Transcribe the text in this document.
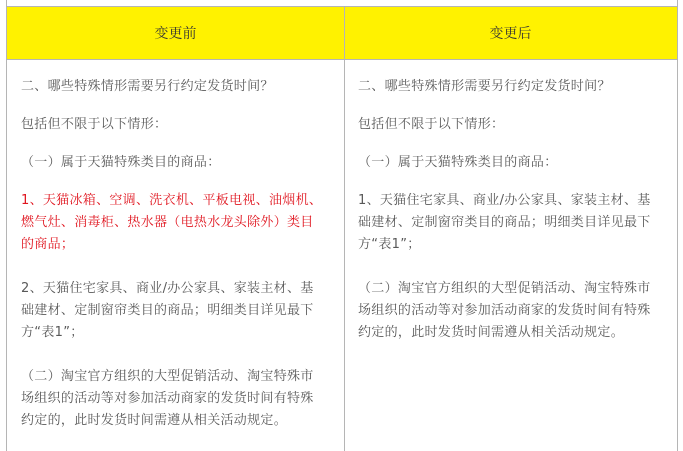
变更前	变更后

二、哪些特殊情形需要另行约定发货时间？

包括但不限于以下情形：

（一）属于天猫特殊类目的商品：

1、天猫冰箱、空调、洗衣机、平板电视、油烟机、
燃气灶、消毒柜、热水器（电热水龙头除外）类目
的商品；

2、天猫住宅家具、商业/办公家具、家装主材、基
础建材、定制窗帘类目的商品；明细类目详见最下
方“表1”；

（二）淘宝官方组织的大型促销活动、淘宝特殊市
场组织的活动等对参加活动商家的发货时间有特殊
约定的，此时发货时间需遵从相关活动规定。

二、哪些特殊情形需要另行约定发货时间？

包括但不限于以下情形：

（一）属于天猫特殊类目的商品：

1、天猫住宅家具、商业/办公家具、家装主材、基
础建材、定制窗帘类目的商品；明细类目详见最下
方“表1”；

（二）淘宝官方组织的大型促销活动、淘宝特殊市
场组织的活动等对参加活动商家的发货时间有特殊
约定的，此时发货时间需遵从相关活动规定。
